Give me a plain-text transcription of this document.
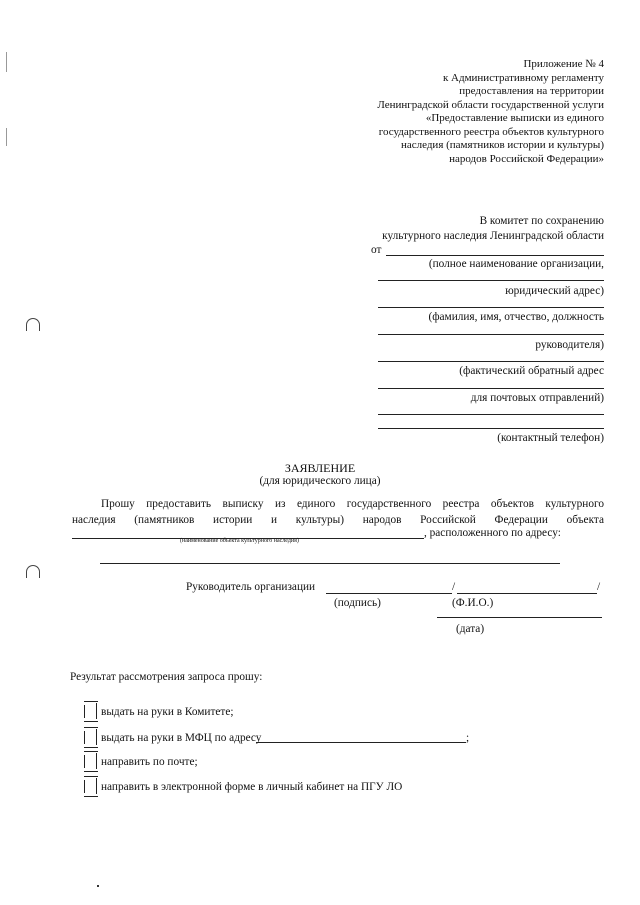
Приложение № 4
к Административному регламенту
предоставления на территории
Ленинградской области государственной услуги
«Предоставление выписки из единого
государственного реестра объектов культурного
наследия (памятников истории и культуры)
народов Российской Федерации»
В комитет по сохранению
культурного наследия Ленинградской области
от
(полное наименование организации,
юридический адрес)
(фамилия, имя, отчество, должность
руководителя)
(фактический обратный адрес
для почтовых отправлений)
(контактный телефон)
ЗАЯВЛЕНИЕ
(для юридического лица)
Прошу предоставить выписку из единого государственного реестра объектов культурного
наследия (памятников истории и культуры) народов Российской Федерации объекта
, расположенного по адресу:
(наименование объекта культурного наследия)
Руководитель организации	/	/
(подпись)	(Ф.И.О.)
(дата)
Результат рассмотрения запроса прошу:
выдать на руки в Комитете;
выдать на руки в МФЦ по адресу	;
направить по почте;
направить в электронной форме в личный кабинет на ПГУ ЛО
